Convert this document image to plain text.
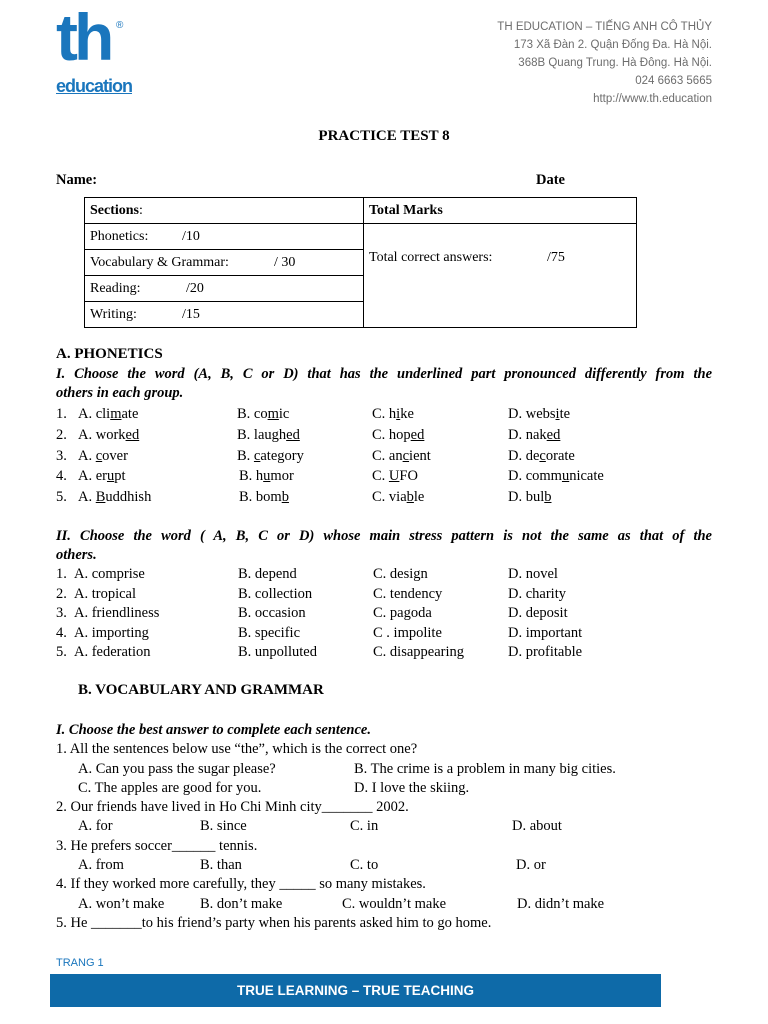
th ®
education
TH EDUCATION – TIẾNG ANH CÔ THỦY
173 Xã Đàn 2. Quận Đống Đa. Hà Nội.
368B Quang Trung. Hà Đông. Hà Nội.
024 6663 5665
http://www.th.education
PRACTICE TEST 8
Name:	Date
Sections:	Total Marks
Phonetics: /10	Total correct answers: /75
Vocabulary & Grammar: / 30	
Reading: /20	
Writing: /15	
A. PHONETICS
I. Choose the word (A, B, C or D) that has the underlined part pronounced differently from the
others in each group.
1. A. climate	B. comic	C. hike	D. website
2. A. worked	B. laughed	C. hoped	D. naked
3. A. cover	B. category	C. ancient	D. decorate
4. A. erupt	B. humor	C. UFO	D. communicate
5. A. Buddhish	B. bomb	C. viable	D. bulb
II. Choose the word ( A, B, C or D) whose main stress pattern is not the same as that of the
others.
1. A. comprise	B. depend	C. design	D. novel
2. A. tropical	B. collection	C. tendency	D. charity
3. A. friendliness	B. occasion	C. pagoda	D. deposit
4. A. importing	B. specific	C . impolite	D. important
5. A. federation	B. unpolluted	C. disappearing	D. profitable
B. VOCABULARY AND GRAMMAR
I. Choose the best answer to complete each sentence.
1. All the sentences below use “the”, which is the correct one?
A. Can you pass the sugar please?	B. The crime is a problem in many big cities.
C. The apples are good for you.	D. I love the skiing.
2. Our friends have lived in Ho Chi Minh city_______ 2002.
A. for	B. since	C. in	D. about
3. He prefers soccer______ tennis.
A. from	B. than	C. to	D. or
4. If they worked more carefully, they _____ so many mistakes.
A. won’t make B. don’t make	C. wouldn’t make	D. didn’t make
5. He _______to his friend’s party when his parents asked him to go home.
TRANG 1
TRUE LEARNING – TRUE TEACHING
